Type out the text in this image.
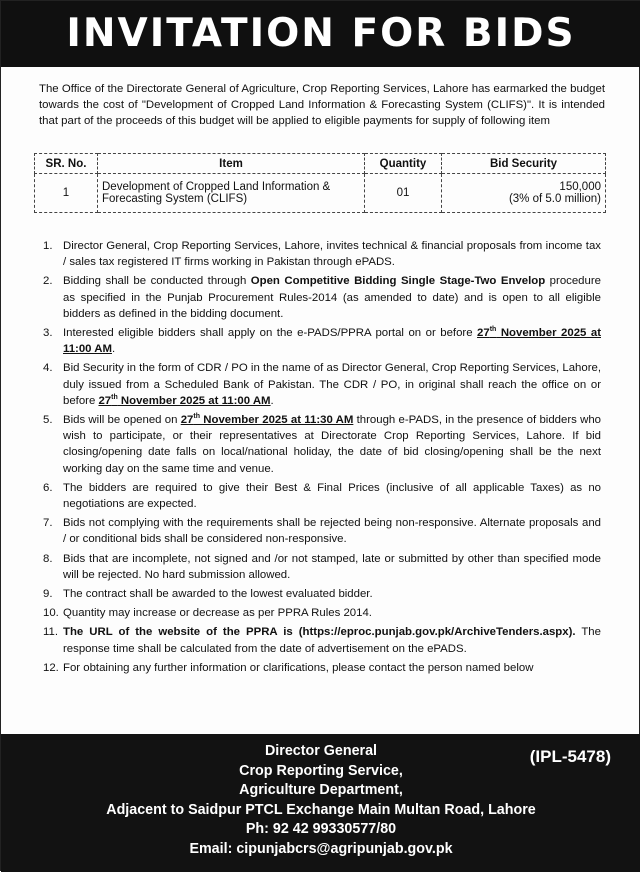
INVITATION FOR BIDS

The Office of the Directorate General of Agriculture, Crop Reporting Services, Lahore has earmarked the budget towards the cost of "Development of Cropped Land Information & Forecasting System (CLIFS)". It is intended that part of the proceeds of this budget will be applied to eligible payments for supply of following item

SR. No.	Item	Quantity	Bid Security
1	Development of Cropped Land Information & Forecasting System (CLIFS)	01	150,000
(3% of 5.0 million)
1. Director General, Crop Reporting Services, Lahore, invites technical & financial proposals from income tax / sales tax registered IT firms working in Pakistan through ePADS.
2. Bidding shall be conducted through Open Competitive Bidding Single Stage-Two Envelop procedure as specified in the Punjab Procurement Rules-2014 (as amended to date) and is open to all eligible bidders as defined in the bidding document.
3. Interested eligible bidders shall apply on the e-PADS/PPRA portal on or before 27th November 2025 at 11:00 AM.
4. Bid Security in the form of CDR / PO in the name of as Director General, Crop Reporting Services, Lahore, duly issued from a Scheduled Bank of Pakistan. The CDR / PO, in original shall reach the office on or before 27th November 2025 at 11:00 AM.
5. Bids will be opened on 27th November 2025 at 11:30 AM through e-PADS, in the presence of bidders who wish to participate, or their representatives at Directorate Crop Reporting Services, Lahore. If bid closing/opening date falls on local/national holiday, the date of bid closing/opening shall be the next working day on the same time and venue.
6. The bidders are required to give their Best & Final Prices (inclusive of all applicable Taxes) as no negotiations are expected.
7. Bids not complying with the requirements shall be rejected being non-responsive. Alternate proposals and / or conditional bids shall be considered non-responsive.
8. Bids that are incomplete, not signed and /or not stamped, late or submitted by other than specified mode will be rejected. No hard submission allowed.
9. The contract shall be awarded to the lowest evaluated bidder.
10. Quantity may increase or decrease as per PPRA Rules 2014.
11. The URL of the website of the PPRA is (https://eproc.punjab.gov.pk/ArchiveTenders.aspx). The response time shall be calculated from the date of advertisement on the ePADS.
12. For obtaining any further information or clarifications, please contact the person named below
Director General
Crop Reporting Service,
Agriculture Department,
Adjacent to Saidpur PTCL Exchange Main Multan Road, Lahore
Ph: 92 42 99330577/80
Email: cipunjabcrs@agripunjab.gov.pk
(IPL-5478)
